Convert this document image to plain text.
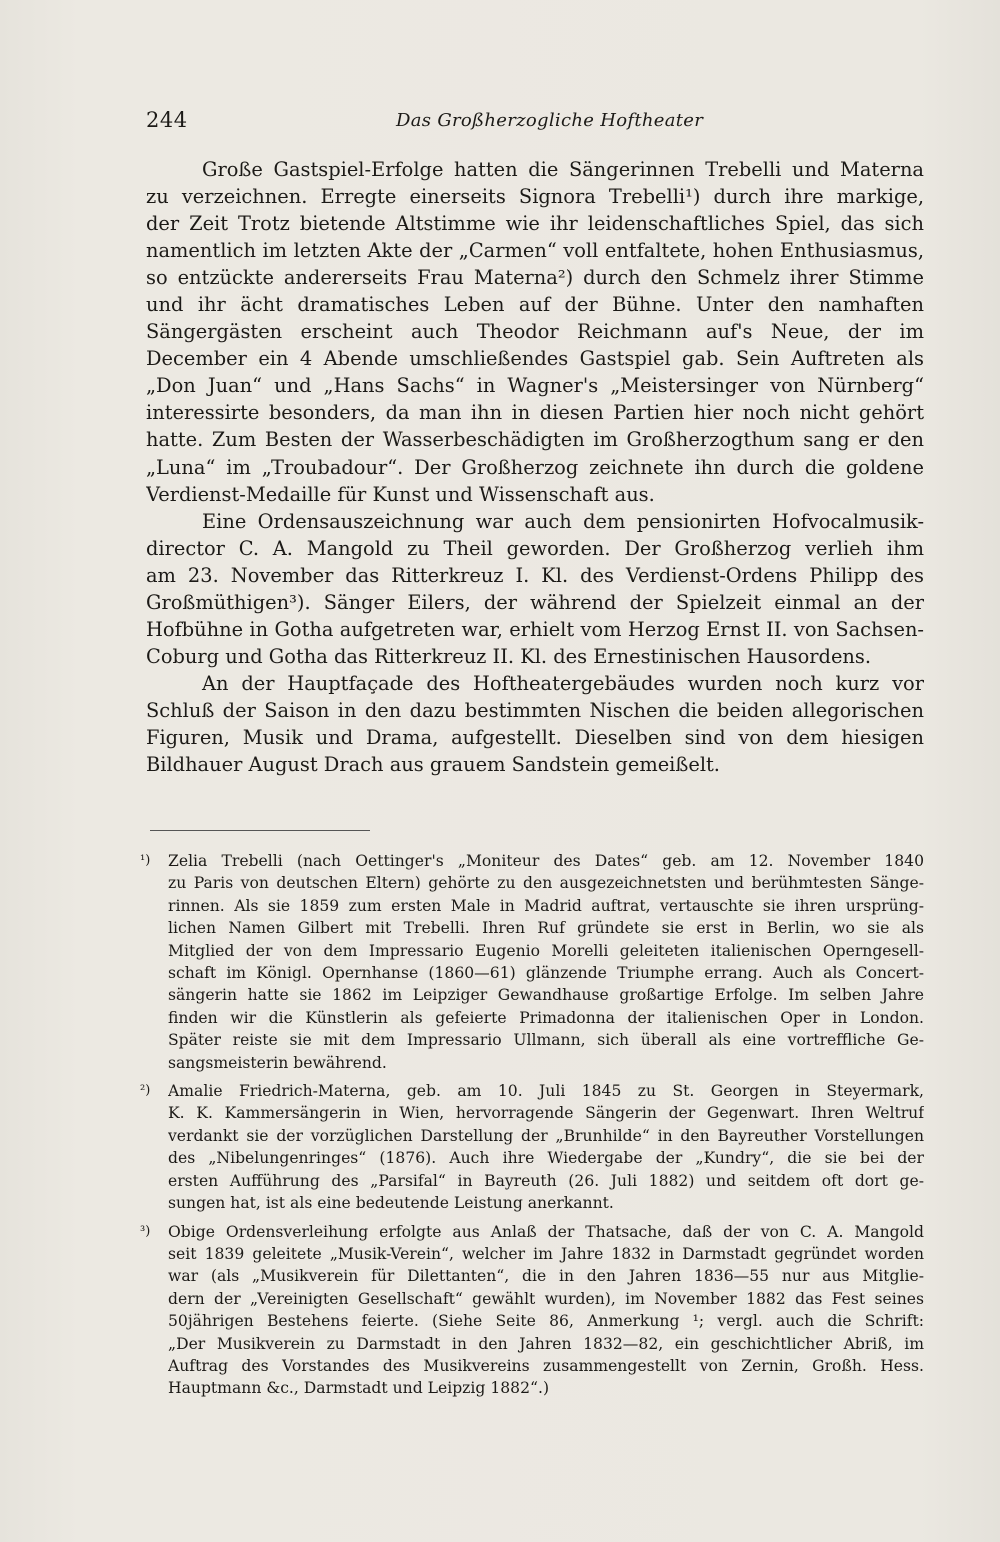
244	Das Großherzogliche Hoftheater

Große Gastspiel-Erfolge hatten die Sängerinnen Trebelli und Materna
zu verzeichnen. Erregte einerseits Signora Trebelli¹) durch ihre markige,
der Zeit Trotz bietende Altstimme wie ihr leidenschaftliches Spiel, das sich
namentlich im letzten Akte der „Carmen“ voll entfaltete, hohen Enthusiasmus,
so entzückte andererseits Frau Materna²) durch den Schmelz ihrer Stimme
und ihr ächt dramatisches Leben auf der Bühne. Unter den namhaften
Sängergästen erscheint auch Theodor Reichmann auf's Neue, der im
December ein 4 Abende umschließendes Gastspiel gab. Sein Auftreten als
„Don Juan“ und „Hans Sachs“ in Wagner's „Meistersinger von Nürnberg“
interessirte besonders, da man ihn in diesen Partien hier noch nicht gehört
hatte. Zum Besten der Wasserbeschädigten im Großherzogthum sang er den
„Luna“ im „Troubadour“. Der Großherzog zeichnete ihn durch die goldene
Verdienst-Medaille für Kunst und Wissenschaft aus.

Eine Ordensauszeichnung war auch dem pensionirten Hofvocalmusik-
director C. A. Mangold zu Theil geworden. Der Großherzog verlieh ihm
am 23. November das Ritterkreuz I. Kl. des Verdienst-Ordens Philipp des
Großmüthigen³). Sänger Eilers, der während der Spielzeit einmal an der
Hofbühne in Gotha aufgetreten war, erhielt vom Herzog Ernst II. von Sachsen-
Coburg und Gotha das Ritterkreuz II. Kl. des Ernestinischen Hausordens.

An der Hauptfaçade des Hoftheatergebäudes wurden noch kurz vor
Schluß der Saison in den dazu bestimmten Nischen die beiden allegorischen
Figuren, Musik und Drama, aufgestellt. Dieselben sind von dem hiesigen
Bildhauer August Drach aus grauem Sandstein gemeißelt.

¹) Zelia Trebelli (nach Oettinger's „Moniteur des Dates“ geb. am 12. November 1840
zu Paris von deutschen Eltern) gehörte zu den ausgezeichnetsten und berühmtesten Sänge-
rinnen. Als sie 1859 zum ersten Male in Madrid auftrat, vertauschte sie ihren ursprüng-
lichen Namen Gilbert mit Trebelli. Ihren Ruf gründete sie erst in Berlin, wo sie als
Mitglied der von dem Impressario Eugenio Morelli geleiteten italienischen Operngesell-
schaft im Königl. Opernhanse (1860—61) glänzende Triumphe errang. Auch als Concert-
sängerin hatte sie 1862 im Leipziger Gewandhause großartige Erfolge. Im selben Jahre
finden wir die Künstlerin als gefeierte Primadonna der italienischen Oper in London.
Später reiste sie mit dem Impressario Ullmann, sich überall als eine vortreffliche Ge-
sangsmeisterin bewährend.
²) Amalie Friedrich-Materna, geb. am 10. Juli 1845 zu St. Georgen in Steyermark,
K. K. Kammersängerin in Wien, hervorragende Sängerin der Gegenwart. Ihren Weltruf
verdankt sie der vorzüglichen Darstellung der „Brunhilde“ in den Bayreuther Vorstellungen
des „Nibelungenringes“ (1876). Auch ihre Wiedergabe der „Kundry“, die sie bei der
ersten Aufführung des „Parsifal“ in Bayreuth (26. Juli 1882) und seitdem oft dort ge-
sungen hat, ist als eine bedeutende Leistung anerkannt.
³) Obige Ordensverleihung erfolgte aus Anlaß der Thatsache, daß der von C. A. Mangold
seit 1839 geleitete „Musik-Verein“, welcher im Jahre 1832 in Darmstadt gegründet worden
war (als „Musikverein für Dilettanten“, die in den Jahren 1836—55 nur aus Mitglie-
dern der „Vereinigten Gesellschaft“ gewählt wurden), im November 1882 das Fest seines
50jährigen Bestehens feierte. (Siehe Seite 86, Anmerkung ¹; vergl. auch die Schrift:
„Der Musikverein zu Darmstadt in den Jahren 1832—82, ein geschichtlicher Abriß, im
Auftrag des Vorstandes des Musikvereins zusammengestellt von Zernin, Großh. Hess.
Hauptmann &c., Darmstadt und Leipzig 1882“.)
